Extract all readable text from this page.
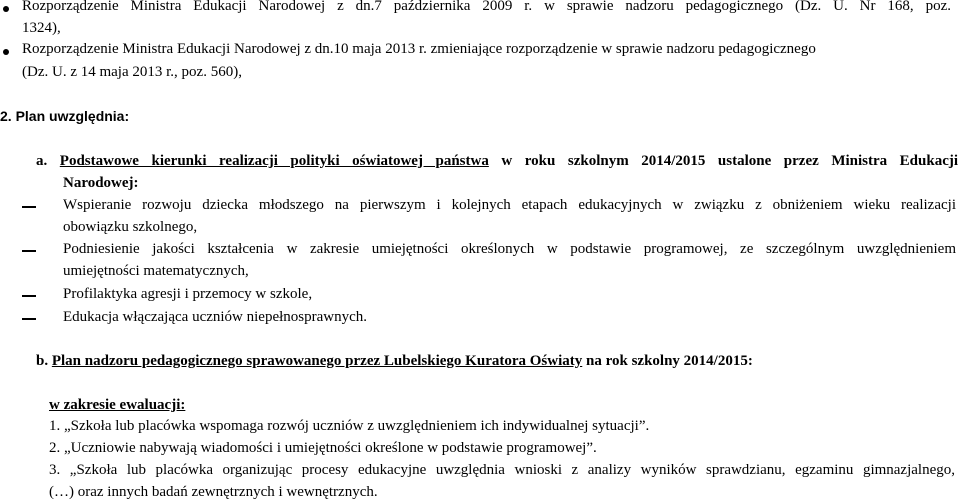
Rozporządzenie Ministra Edukacji Narodowej z dn.7 października 2009 r. w sprawie nadzoru pedagogicznego (Dz. U. Nr 168, poz.
1324),
Rozporządzenie Ministra Edukacji Narodowej z dn.10 maja 2013 r. zmieniające rozporządzenie w sprawie nadzoru pedagogicznego
(Dz. U. z 14 maja 2013 r., poz. 560),
2. Plan uwzględnia:
a. Podstawowe kierunki realizacji polityki oświatowej państwa w roku szkolnym 2014/2015 ustalone przez Ministra Edukacji
Narodowej:
Wspieranie rozwoju dziecka młodszego na pierwszym i kolejnych etapach edukacyjnych w związku z obniżeniem wieku realizacji
obowiązku szkolnego,
Podniesienie jakości kształcenia w zakresie umiejętności określonych w podstawie programowej, ze szczególnym uwzględnieniem
umiejętności matematycznych,
Profilaktyka agresji i przemocy w szkole,
Edukacja włączająca uczniów niepełnosprawnych.
b. Plan nadzoru pedagogicznego sprawowanego przez Lubelskiego Kuratora Oświaty na rok szkolny 2014/2015:
w zakresie ewaluacji:
1. „Szkoła lub placówka wspomaga rozwój uczniów z uwzględnieniem ich indywidualnej sytuacji”.
2. „Uczniowie nabywają wiadomości i umiejętności określone w podstawie programowej”.
3. „Szkoła lub placówka organizując procesy edukacyjne uwzględnia wnioski z analizy wyników sprawdzianu, egzaminu gimnazjalnego,
(…) oraz innych badań zewnętrznych i wewnętrznych.
